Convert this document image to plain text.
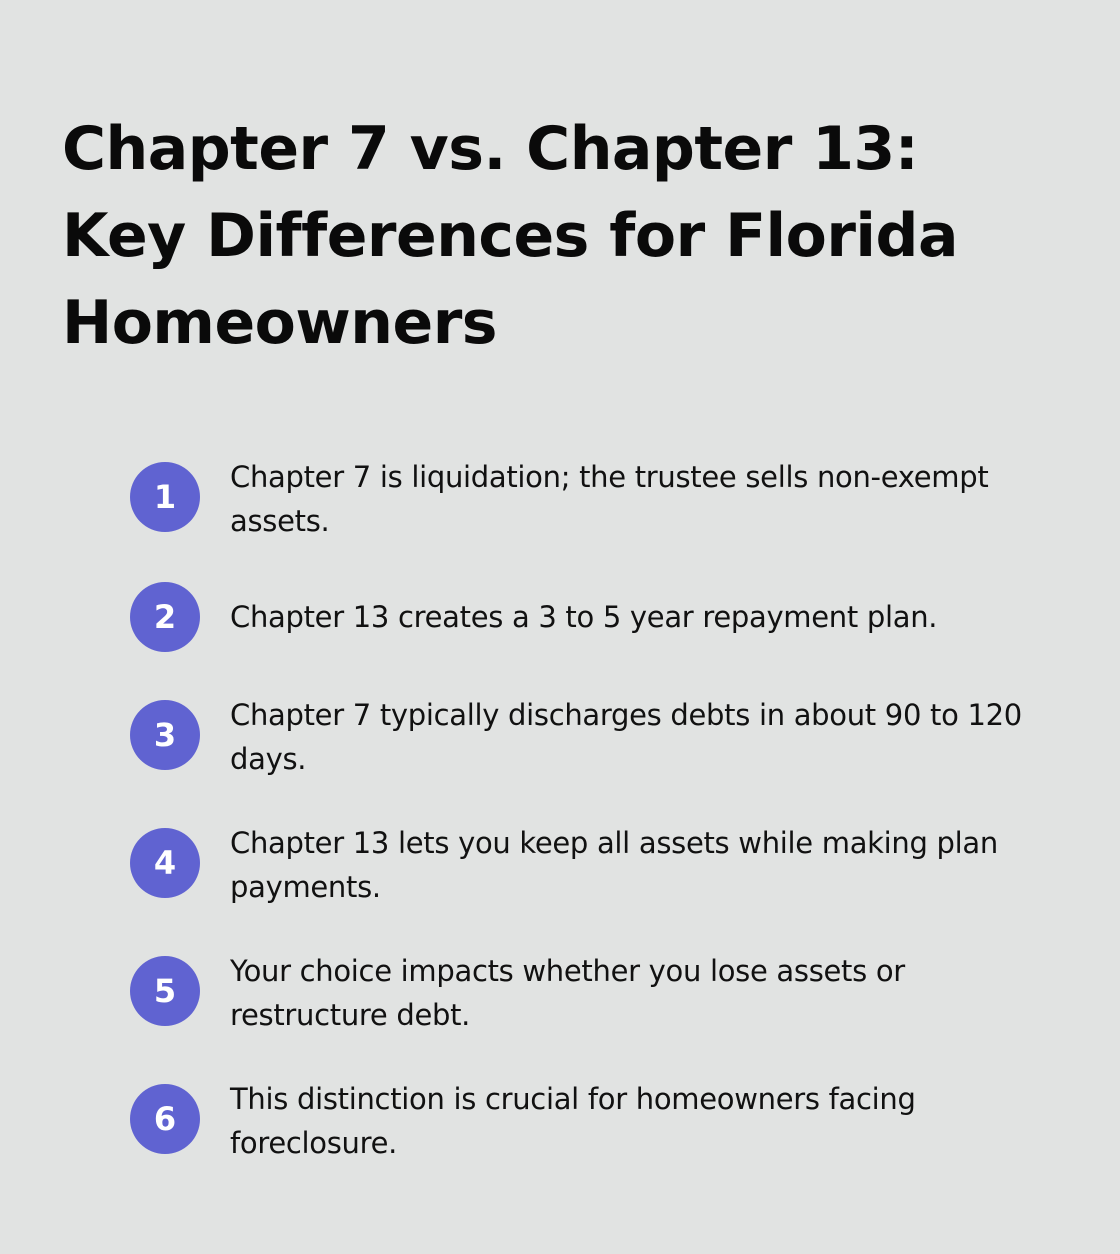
Chapter 7 vs. Chapter 13: Key Differences for Florida Homeowners
1
Chapter 7 is liquidation; the trustee sells non-exempt assets.
2	Chapter 13 creates a 3 to 5 year repayment plan.
3
Chapter 7 typically discharges debts in about 90 to 120 days.
4
Chapter 13 lets you keep all assets while making plan payments.
5
Your choice impacts whether you lose assets or restructure debt.
6
This distinction is crucial for homeowners facing foreclosure.
